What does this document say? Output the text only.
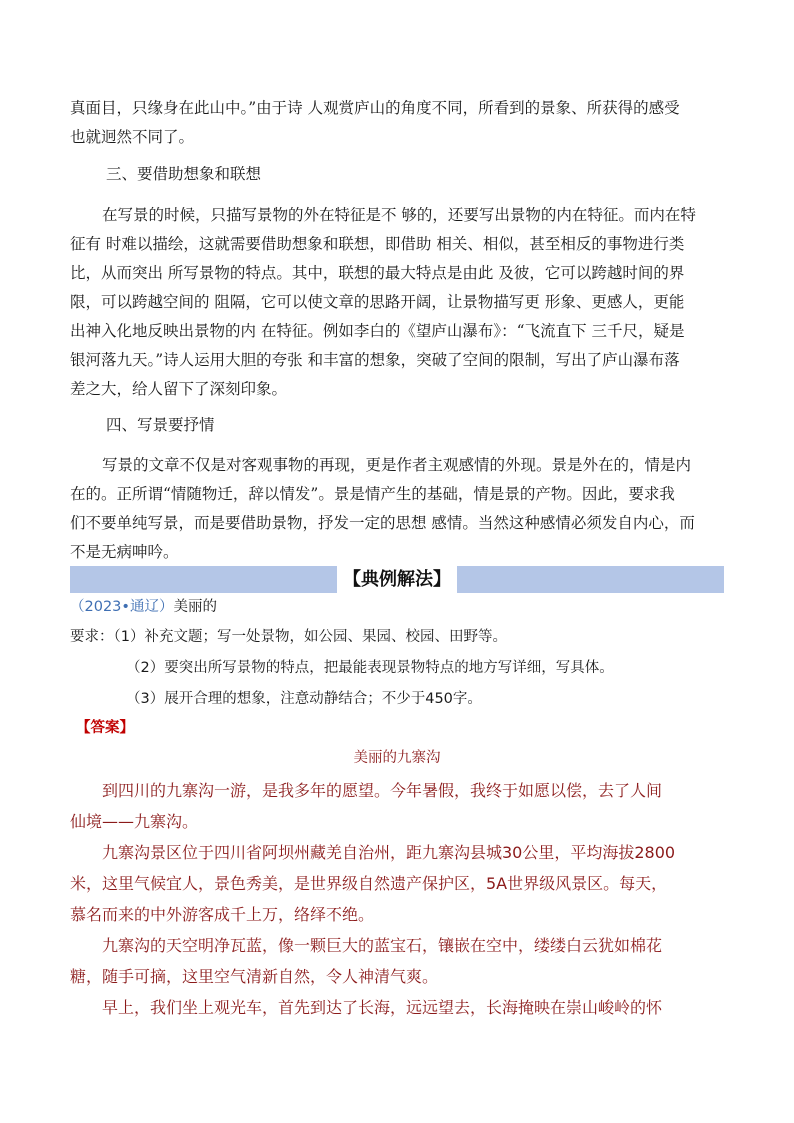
真面目，只缘身在此山中。”由于诗 人观赏庐山的角度不同，所看到的景象、所获得的感受
也就迥然不同了。
三、要借助想象和联想
在写景的时候，只描写景物的外在特征是不 够的，还要写出景物的内在特征。而内在特
征有 时难以描绘，这就需要借助想象和联想，即借助 相关、相似，甚至相反的事物进行类
比，从而突出 所写景物的特点。其中，联想的最大特点是由此 及彼，它可以跨越时间的界
限，可以跨越空间的 阻隔，它可以使文章的思路开阔，让景物描写更 形象、更感人，更能
出神入化地反映出景物的内 在特征。例如李白的《望庐山瀑布》：“飞流直下 三千尺，疑是
银河落九天。”诗人运用大胆的夸张 和丰富的想象，突破了空间的限制，写出了庐山瀑布落
差之大，给人留下了深刻印象。
四、写景要抒情
写景的文章不仅是对客观事物的再现，更是作者主观感情的外现。景是外在的，情是内
在的。正所谓“情随物迁，辞以情发”。景是情产生的基础，情是景的产物。因此，要求我
们不要单纯写景，而是要借助景物，抒发一定的思想 感情。当然这种感情必须发自内心，而
不是无病呻吟。
【典例解法】
（2023•通辽）美丽的
要求：（1）补充文题；写一处景物，如公园、果园、校园、田野等。
（2）要突出所写景物的特点，把最能表现景物特点的地方写详细，写具体。
（3）展开合理的想象，注意动静结合；不少于450字。
【答案】
美丽的九寨沟
到四川的九寨沟一游，是我多年的愿望。今年暑假，我终于如愿以偿，去了人间
仙境——九寨沟。
九寨沟景区位于四川省阿坝州藏羌自治州，距九寨沟县城30公里，平均海拔2800
米，这里气候宜人，景色秀美，是世界级自然遗产保护区，5A世界级风景区。每天，
慕名而来的中外游客成千上万，络绎不绝。
九寨沟的天空明净瓦蓝，像一颗巨大的蓝宝石，镶嵌在空中，缕缕白云犹如棉花
糖，随手可摘，这里空气清新自然，令人神清气爽。
早上，我们坐上观光车，首先到达了长海，远远望去，长海掩映在崇山峻岭的怀
